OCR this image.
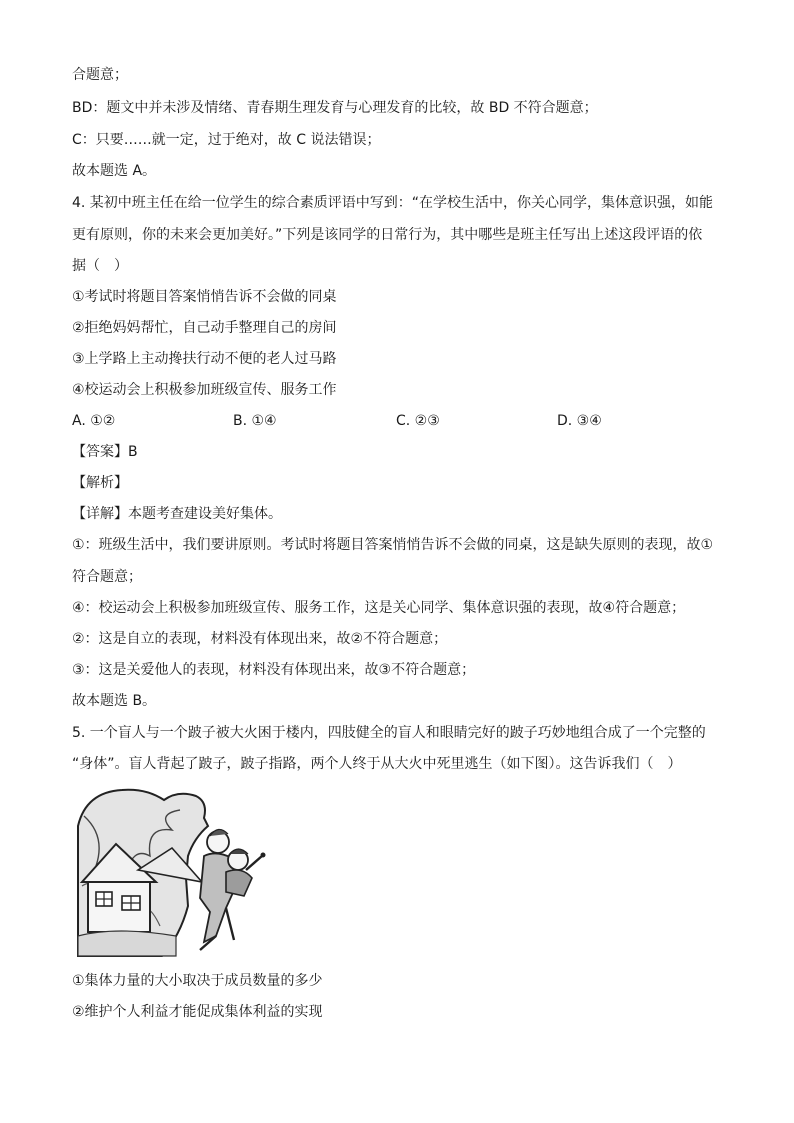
合题意；
BD：题文中并未涉及情绪、青春期生理发育与心理发育的比较，故 BD 不符合题意；
C：只要……就一定，过于绝对，故 C 说法错误；
故本题选 A。
4. 某初中班主任在给一位学生的综合素质评语中写到：“在学校生活中，你关心同学，集体意识强，如能
更有原则，你的未来会更加美好。”下列是该同学的日常行为，其中哪些是班主任写出上述这段评语的依
据（　）
①考试时将题目答案悄悄告诉不会做的同桌
②拒绝妈妈帮忙，自己动手整理自己的房间
③上学路上主动搀扶行动不便的老人过马路
④校运动会上积极参加班级宣传、服务工作
A. ①②	B. ①④	C. ②③	D. ③④
【答案】B
【解析】
【详解】本题考查建设美好集体。
①：班级生活中，我们要讲原则。考试时将题目答案悄悄告诉不会做的同桌，这是缺失原则的表现，故①
符合题意；
④：校运动会上积极参加班级宣传、服务工作，这是关心同学、集体意识强的表现，故④符合题意；
②：这是自立的表现，材料没有体现出来，故②不符合题意；
③：这是关爱他人的表现，材料没有体现出来，故③不符合题意；
故本题选 B。
5. 一个盲人与一个跛子被大火困于楼内，四肢健全的盲人和眼睛完好的跛子巧妙地组合成了一个完整的
“身体”。盲人背起了跛子，跛子指路，两个人终于从大火中死里逃生（如下图）。这告诉我们（　）
①集体力量的大小取决于成员数量的多少
②维护个人利益才能促成集体利益的实现
